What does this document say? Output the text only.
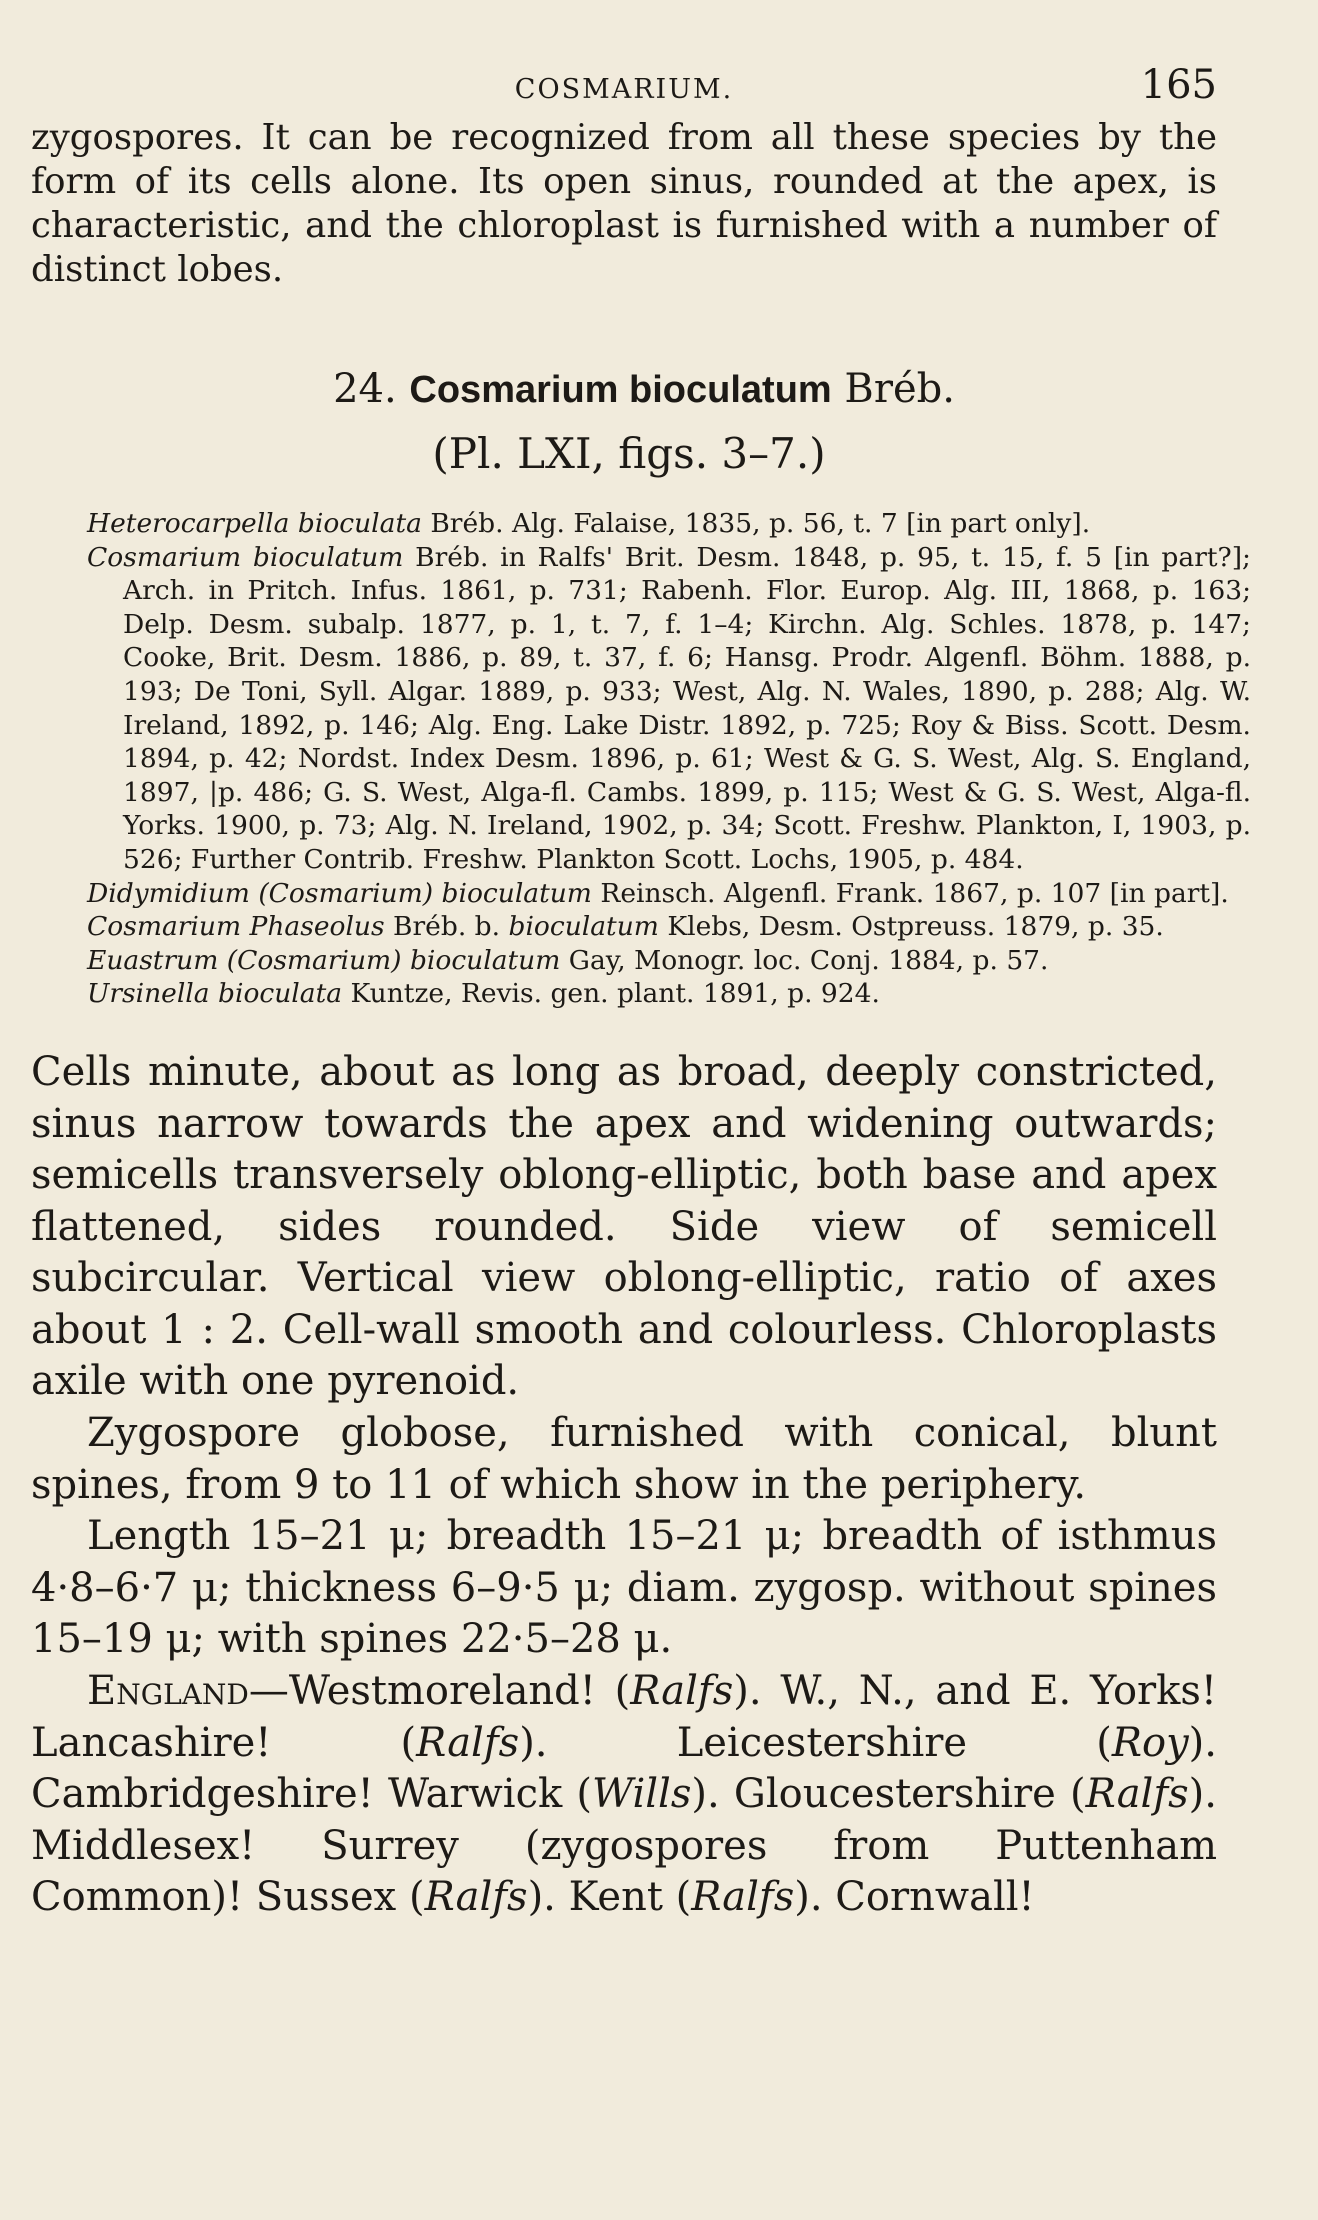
COSMARIUM.	165

zygospores. It can be recognized from all these species by the form of its cells alone. Its open sinus, rounded at the apex, is characteristic, and the chloroplast is furnished with a number of distinct lobes.

24. Cosmarium bioculatum Bréb.
(Pl. LXI, figs. 3–7.)
Heterocarpella bioculata Bréb. Alg. Falaise, 1835, p. 56, t. 7 [in part only].
Cosmarium bioculatum Bréb. in Ralfs' Brit. Desm. 1848, p. 95, t. 15, f. 5 [in part?]; Arch. in Pritch. Infus. 1861, p. 731; Rabenh. Flor. Europ. Alg. III, 1868, p. 163; Delp. Desm. subalp. 1877, p. 1, t. 7, f. 1–4; Kirchn. Alg. Schles. 1878, p. 147; Cooke, Brit. Desm. 1886, p. 89, t. 37, f. 6; Hansg. Prodr. Algenfl. Böhm. 1888, p. 193; De Toni, Syll. Algar. 1889, p. 933; West, Alg. N. Wales, 1890, p. 288; Alg. W. Ireland, 1892, p. 146; Alg. Eng. Lake Distr. 1892, p. 725; Roy & Biss. Scott. Desm. 1894, p. 42; Nordst. Index Desm. 1896, p. 61; West & G. S. West, Alg. S. England, 1897, |p. 486; G. S. West, Alga-fl. Cambs. 1899, p. 115; West & G. S. West, Alga-fl. Yorks. 1900, p. 73; Alg. N. Ireland, 1902, p. 34; Scott. Freshw. Plankton, I, 1903, p. 526; Further Contrib. Freshw. Plankton Scott. Lochs, 1905, p. 484.
Didymidium (Cosmarium) bioculatum Reinsch. Algenfl. Frank. 1867, p. 107 [in part].
Cosmarium Phaseolus Bréb. b. bioculatum Klebs, Desm. Ostpreuss. 1879, p. 35.
Euastrum (Cosmarium) bioculatum Gay, Monogr. loc. Conj. 1884, p. 57.
Ursinella bioculata Kuntze, Revis. gen. plant. 1891, p. 924.

Cells minute, about as long as broad, deeply constricted, sinus narrow towards the apex and widening outwards; semicells transversely oblong-elliptic, both base and apex flattened, sides rounded. Side view of semicell subcircular. Vertical view oblong-elliptic, ratio of axes about 1 : 2. Cell-wall smooth and colourless. Chloroplasts axile with one pyrenoid.

Zygospore globose, furnished with conical, blunt spines, from 9 to 11 of which show in the periphery.

Length 15–21 μ; breadth 15–21 μ; breadth of isthmus 4·8–6·7 μ; thickness 6–9·5 μ; diam. zygosp. without spines 15–19 μ; with spines 22·5–28 μ.

England—Westmoreland! (Ralfs). W., N., and E. Yorks! Lancashire! (Ralfs). Leicestershire (Roy). Cambridgeshire! Warwick (Wills). Gloucestershire (Ralfs). Middlesex! Surrey (zygospores from Puttenham Common)! Sussex (Ralfs). Kent (Ralfs). Cornwall!
